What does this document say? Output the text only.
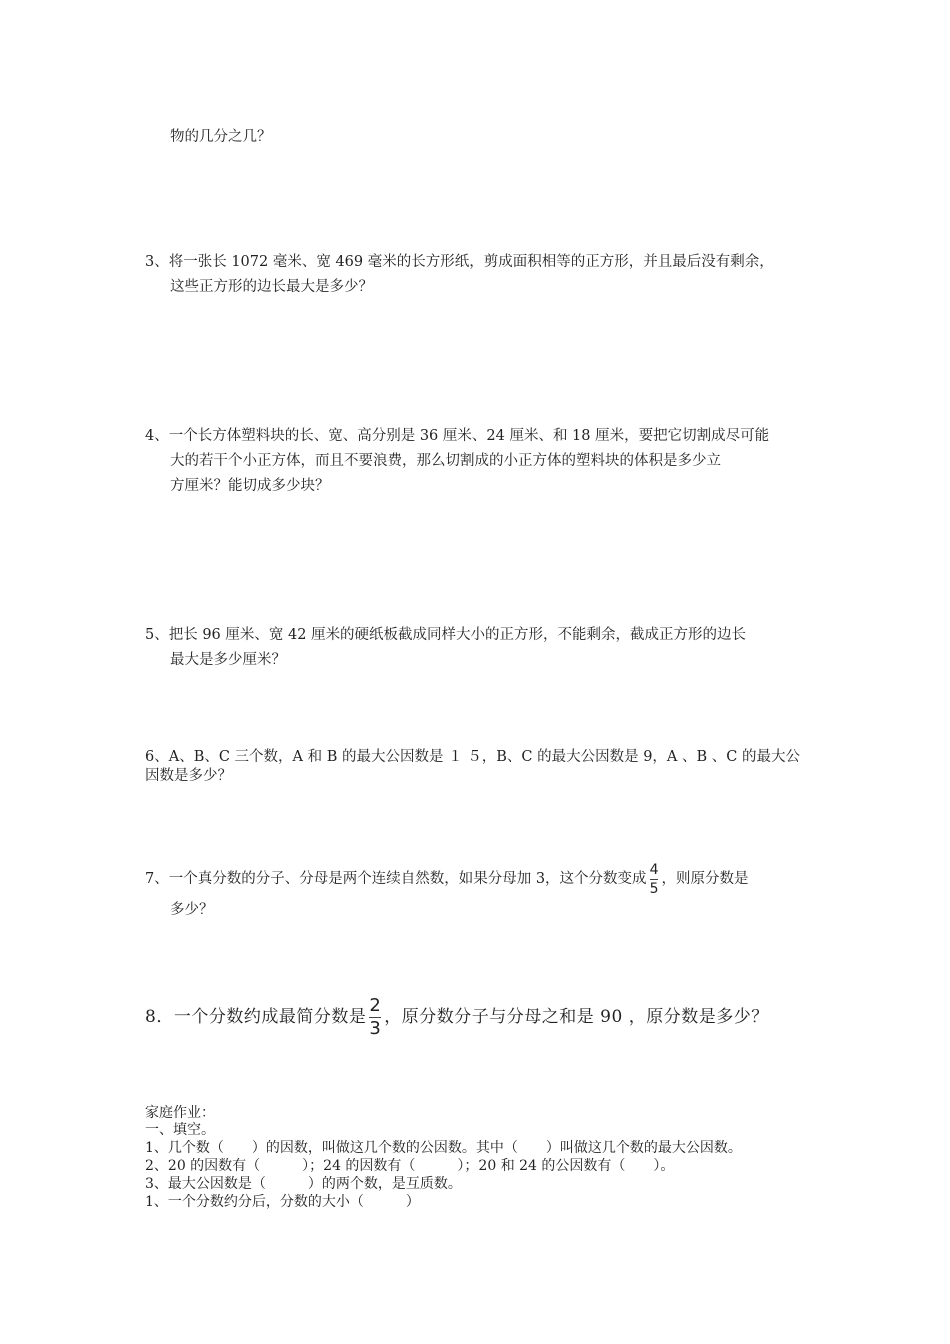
物的几分之几？
3、将一张长 1072 毫米、宽 469 毫米的长方形纸，剪成面积相等的正方形，并且最后没有剩余，
这些正方形的边长最大是多少？
4、一个长方体塑料块的长、宽、高分别是 36 厘米、24 厘米、和 18 厘米，要把它切割成尽可能
大的若干个小正方体，而且不要浪费，那么切割成的小正方体的塑料块的体积是多少立
方厘米？能切成多少块？
5、把长 96 厘米、宽 42 厘米的硬纸板截成同样大小的正方形，不能剩余，截成正方形的边长
最大是多少厘米？
6、A、B、C 三个数，A 和 B 的最大公因数是 １ ５，B、C 的最大公因数是 9，A 、B 、C 的最大公
因数是多少？
7、一个真分数的分子、分母是两个连续自然数，如果分母加 3，这个分数变成 $\frac{4}{5}$ ，则原分数是
多少？
8．一个分数约成最简分数是 $\frac{2}{3}$ ，原分数分子与分母之和是 90 ，原分数是多少？
家庭作业：
一、填空。
1、几个数（　　）的因数，叫做这几个数的公因数。其中（　　）叫做这几个数的最大公因数。
2、20 的因数有（　　　）；24 的因数有（　　　）；20 和 24 的公因数有（　　）。
3、最大公因数是（　　　）的两个数，是互质数。
1、一个分数约分后，分数的大小（　　　）
